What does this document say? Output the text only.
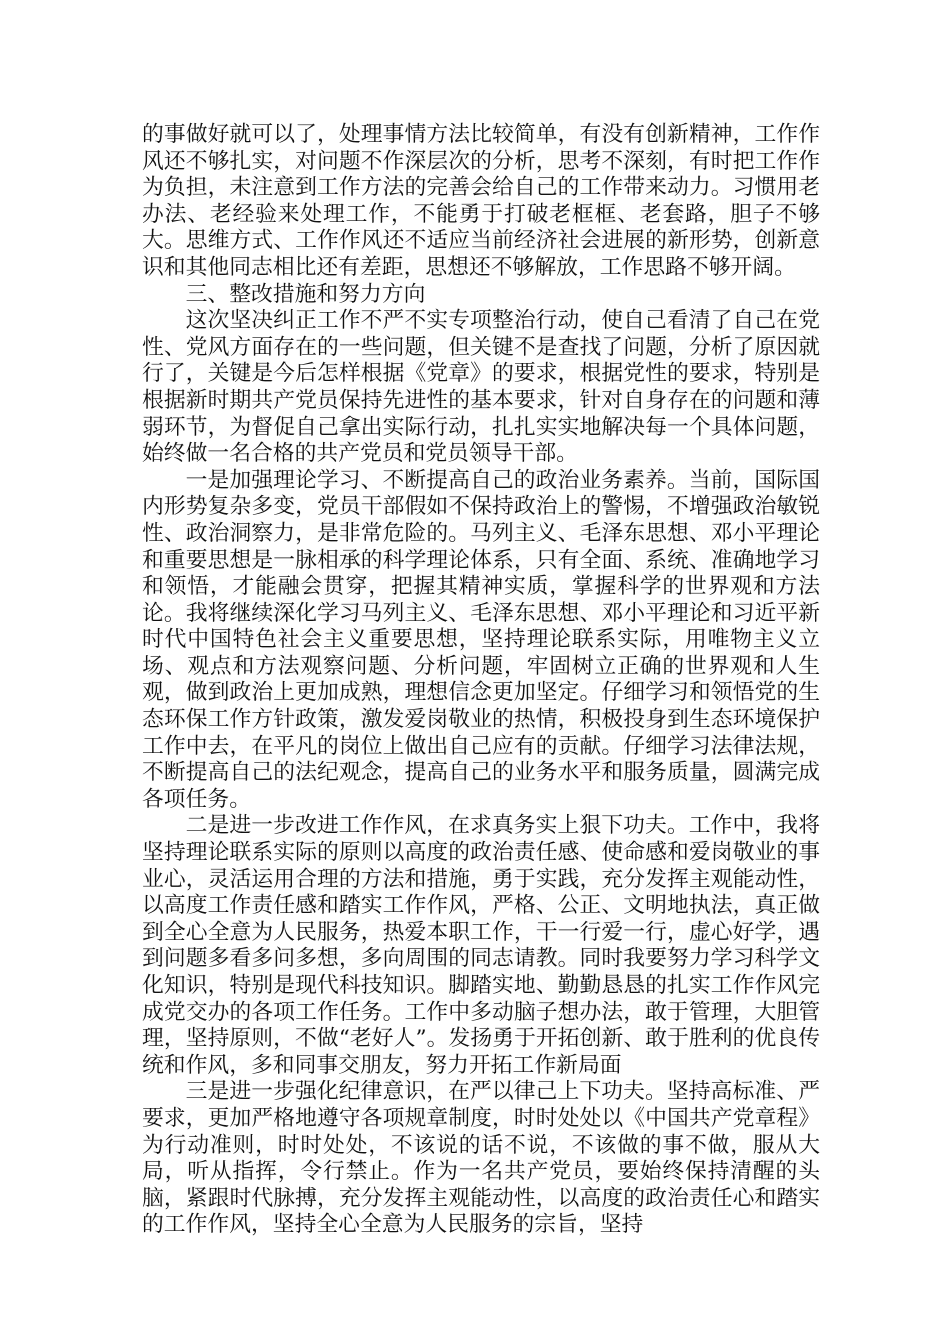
的事做好就可以了，处理事情方法比较简单，有没有创新精神，工作作风还不够扎实，对问题不作深层次的分析，思考不深刻，有时把工作作为负担，未注意到工作方法的完善会给自己的工作带来动力。习惯用老办法、老经验来处理工作，不能勇于打破老框框、老套路，胆子不够大。思维方式、工作作风还不适应当前经济社会进展的新形势，创新意识和其他同志相比还有差距，思想还不够解放，工作思路不够开阔。

三、整改措施和努力方向

这次坚决纠正工作不严不实专项整治行动，使自己看清了自己在党性、党风方面存在的一些问题，但关键不是查找了问题，分析了原因就行了，关键是今后怎样根据《党章》的要求，根据党性的要求，特别是根据新时期共产党员保持先进性的基本要求，针对自身存在的问题和薄弱环节，为督促自己拿出实际行动，扎扎实实地解决每一个具体问题，始终做一名合格的共产党员和党员领导干部。

一是加强理论学习、不断提高自己的政治业务素养。当前，国际国内形势复杂多变，党员干部假如不保持政治上的警惕，不增强政治敏锐性、政治洞察力，是非常危险的。马列主义、毛泽东思想、邓小平理论和重要思想是一脉相承的科学理论体系，只有全面、系统、准确地学习和领悟，才能融会贯穿，把握其精神实质，掌握科学的世界观和方法论。我将继续深化学习马列主义、毛泽东思想、邓小平理论和习近平新时代中国特色社会主义重要思想，坚持理论联系实际，用唯物主义立场、观点和方法观察问题、分析问题，牢固树立正确的世界观和人生观，做到政治上更加成熟，理想信念更加坚定。仔细学习和领悟党的生态环保工作方针政策，激发爱岗敬业的热情，积极投身到生态环境保护工作中去，在平凡的岗位上做出自己应有的贡献。仔细学习法律法规，不断提高自己的法纪观念，提高自己的业务水平和服务质量，圆满完成各项任务。

二是进一步改进工作作风，在求真务实上狠下功夫。工作中，我将坚持理论联系实际的原则以高度的政治责任感、使命感和爱岗敬业的事业心，灵活运用合理的方法和措施，勇于实践，充分发挥主观能动性，以高度工作责任感和踏实工作作风，严格、公正、文明地执法，真正做到全心全意为人民服务，热爱本职工作，干一行爱一行，虚心好学，遇到问题多看多问多想，多向周围的同志请教。同时我要努力学习科学文化知识，特别是现代科技知识。脚踏实地、勤勤恳恳的扎实工作作风完成党交办的各项工作任务。工作中多动脑子想办法，敢于管理，大胆管理，坚持原则，不做“老好人”。发扬勇于开拓创新、敢于胜利的优良传统和作风，多和同事交朋友，努力开拓工作新局面

三是进一步强化纪律意识，在严以律己上下功夫。坚持高标准、严要求，更加严格地遵守各项规章制度，时时处处以《中国共产党章程》为行动准则，时时处处，不该说的话不说，不该做的事不做，服从大局，听从指挥，令行禁止。作为一名共产党员，要始终保持清醒的头脑，紧跟时代脉搏，充分发挥主观能动性，以高度的政治责任心和踏实的工作作风，坚持全心全意为人民服务的宗旨，坚持
